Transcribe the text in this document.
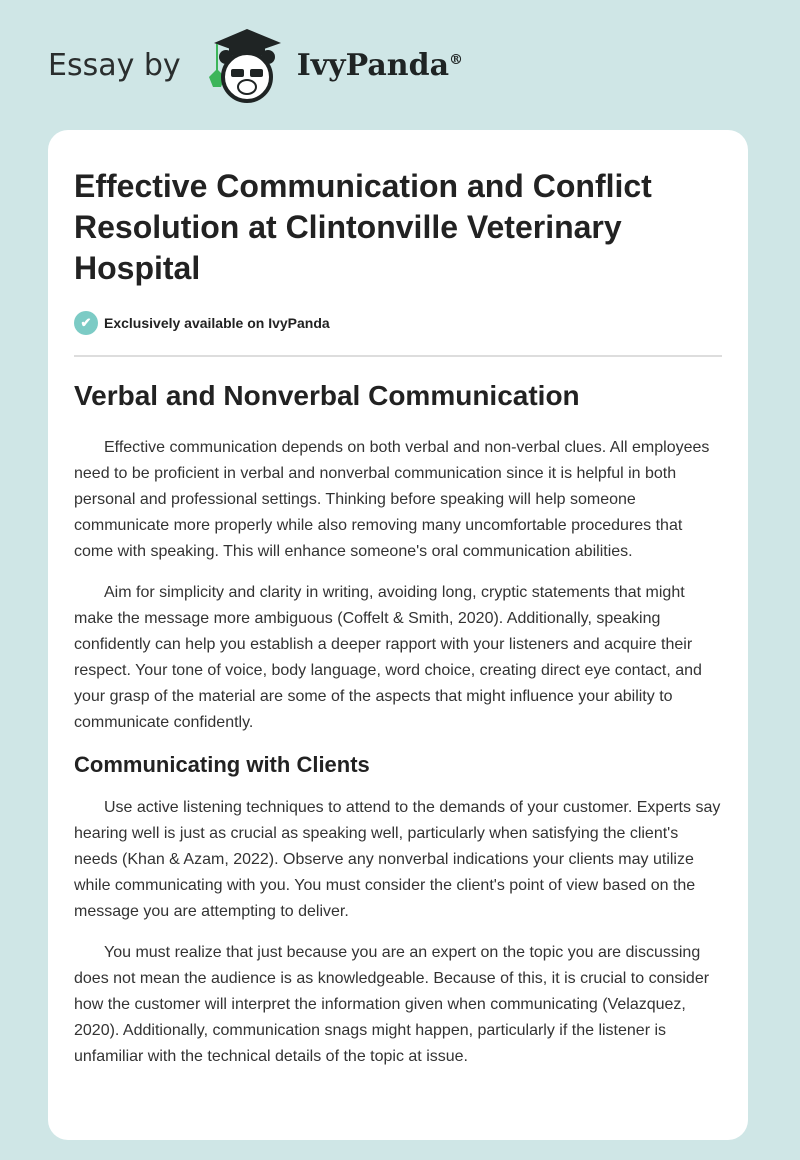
Essay by	IvyPanda®
Effective Communication and Conflict Resolution at Clintonville Veterinary Hospital
✔ Exclusively available on IvyPanda
Verbal and Nonverbal Communication

Effective communication depends on both verbal and non-verbal clues. All employees need to be proficient in verbal and nonverbal communication since it is helpful in both personal and professional settings. Thinking before speaking will help someone communicate more properly while also removing many uncomfortable procedures that come with speaking. This will enhance someone's oral communication abilities.

Aim for simplicity and clarity in writing, avoiding long, cryptic statements that might make the message more ambiguous (Coffelt & Smith, 2020). Additionally, speaking confidently can help you establish a deeper rapport with your listeners and acquire their respect. Your tone of voice, body language, word choice, creating direct eye contact, and your grasp of the material are some of the aspects that might influence your ability to communicate confidently.

Communicating with Clients

Use active listening techniques to attend to the demands of your customer. Experts say hearing well is just as crucial as speaking well, particularly when satisfying the client's needs (Khan & Azam, 2022). Observe any nonverbal indications your clients may utilize while communicating with you. You must consider the client's point of view based on the message you are attempting to deliver.

You must realize that just because you are an expert on the topic you are discussing does not mean the audience is as knowledgeable. Because of this, it is crucial to consider how the customer will interpret the information given when communicating (Velazquez, 2020). Additionally, communication snags might happen, particularly if the listener is unfamiliar with the technical details of the topic at issue.
